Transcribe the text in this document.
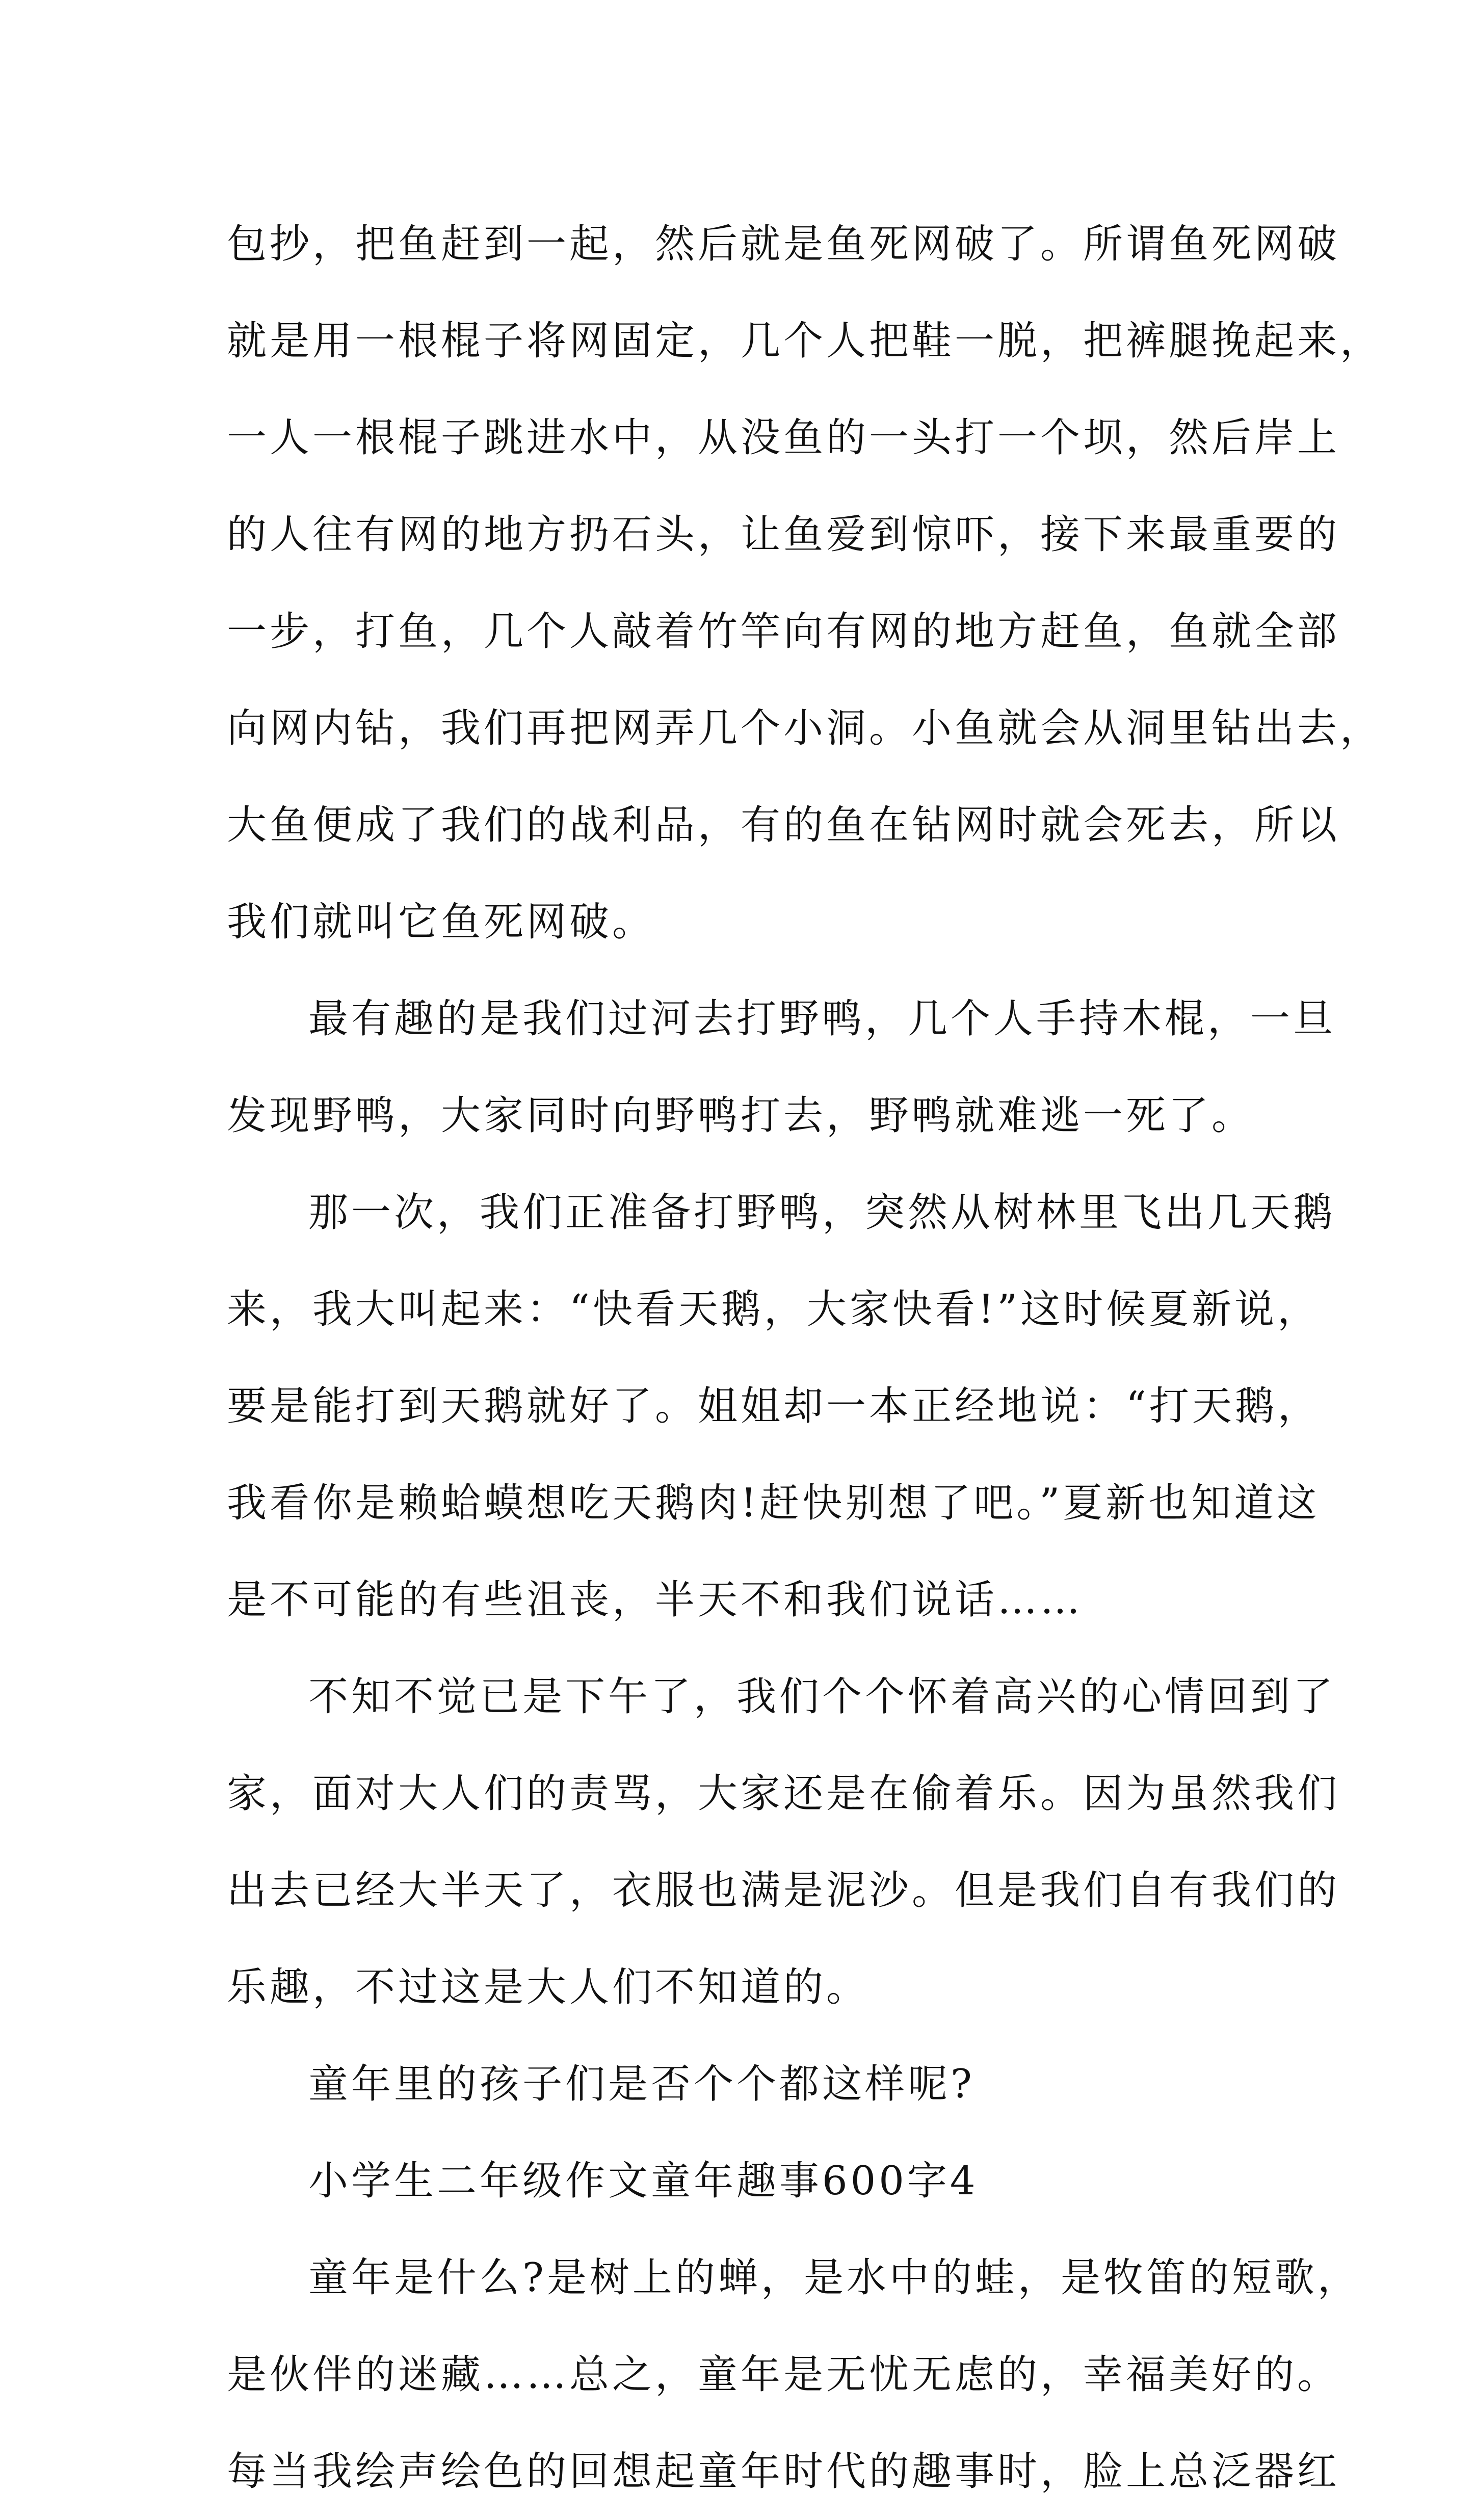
包抄，把鱼赶到一起，然后就是鱼死网破了。所谓鱼死网破
就是用一根棍子将网固定，几个人把鞋一脱，把裤腿挽起来，
一人一根棍子跳进水中，从没鱼的一头打一个坝，然后岸上
的人往有网的地方扔石头，让鱼爱到惊吓，接下来最重要的
一步，打鱼，几个人敲着竹竿向有网的地方赶鱼，鱼就全部
向网内钻，我们再把网弄几个小洞。小鱼就会从洞里钻出去，
大鱼便成了我们的战利品，有的鱼在钻网时就会死去，所以
我们就叫它鱼死网破。
最有趣的是我们过河去打野鸭，几个人手持木棍，一旦
发现野鸭，大家同时向野鸭打去，野鸭就难逃一死了。
那一次，我们正准备打野鸭，突然从树林里飞出几天鹅
来，我大叫起来：“快看天鹅，大家快看!”这时候夏新说，
要是能打到天鹅就好了。姐姐却一本正经地说：“打天鹅，
我看你是赖蛤蟆想吃天鹅肉!赶快别想了吧。”夏新也知道这
是不可能的有些沮丧，半天不和我们说话……
不知不觉已是下午了，我们个个怀着高兴的心情回到了
家，面对大人们的责骂，大家还是在偷着乐。因为虽然我们
出去已经大半天了，衣服也满是泥沙。但是我们自有我们的
乐趣，不过这是大人们不知道的。
童年里的孩子们是否个个都这样呢?
小学生二年级作文童年趣事600字4
童年是什么?是树上的蝉，是水中的蛙，是牧笛的短歌，
是伙伴的迷藏……总之，童年是无忧无虑的，幸福美好的。
每当我绘声绘色的回想起童年时代的趣事时，脸上总泛器红
